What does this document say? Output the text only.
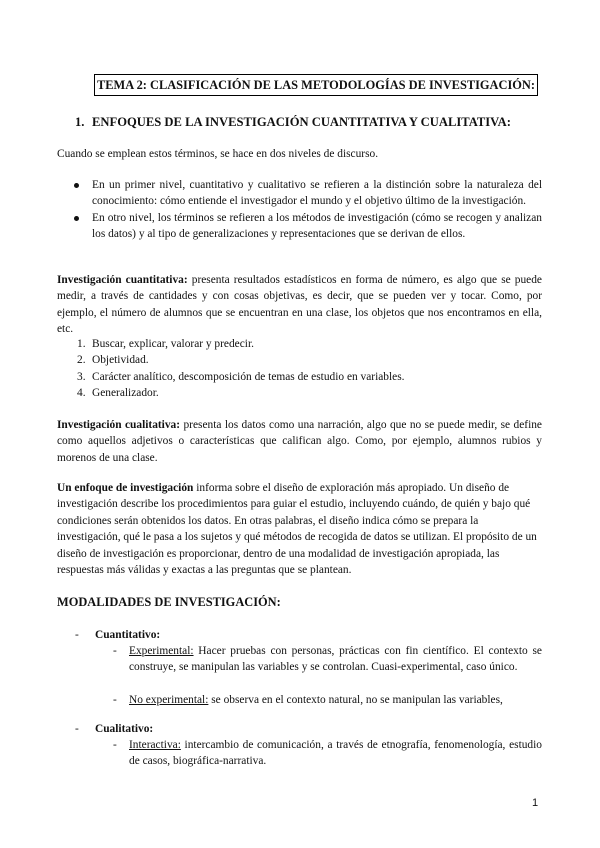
TEMA 2: CLASIFICACIÓN DE LAS METODOLOGÍAS DE INVESTIGACIÓN:
1. ENFOQUES DE LA INVESTIGACIÓN CUANTITATIVA Y CUALITATIVA:

Cuando se emplean estos términos, se hace en dos niveles de discurso.

En un primer nivel, cuantitativo y cualitativo se refieren a la distinción sobre la naturaleza del conocimiento: cómo entiende el investigador el mundo y el objetivo último de la investigación.
En otro nivel, los términos se refieren a los métodos de investigación (cómo se recogen y analizan los datos) y al tipo de generalizaciones y representaciones que se derivan de ellos.

Investigación cuantitativa: presenta resultados estadísticos en forma de número, es algo que se puede medir, a través de cantidades y con cosas objetivas, es decir, que se pueden ver y tocar. Como, por ejemplo, el número de alumnos que se encuentran en una clase, los objetos que nos encontramos en ella, etc.

1. Buscar, explicar, valorar y predecir.
2. Objetividad.
3. Carácter analítico, descomposición de temas de estudio en variables.
4. Generalizador.

Investigación cualitativa: presenta los datos como una narración, algo que no se puede medir, se define como aquellos adjetivos o características que califican algo. Como, por ejemplo, alumnos rubios y morenos de una clase.

Un enfoque de investigación informa sobre el diseño de exploración más apropiado. Un diseño de investigación describe los procedimientos para guiar el estudio, incluyendo cuándo, de quién y bajo qué condiciones serán obtenidos los datos. En otras palabras, el diseño indica cómo se prepara la investigación, qué le pasa a los sujetos y qué métodos de recogida de datos se utilizan. El propósito de un diseño de investigación es proporcionar, dentro de una modalidad de investigación apropiada, las respuestas más válidas y exactas a las preguntas que se plantean.

MODALIDADES DE INVESTIGACIÓN:
- Cuantitativo:
- Experimental: Hacer pruebas con personas, prácticas con fin científico. El contexto se construye, se manipulan las variables y se controlan. Cuasi-experimental, caso único.
- No experimental: se observa en el contexto natural, no se manipulan las variables,
- Cualitativo:
- Interactiva: intercambio de comunicación, a través de etnografía, fenomenología, estudio de casos, biográfica-narrativa.
1
